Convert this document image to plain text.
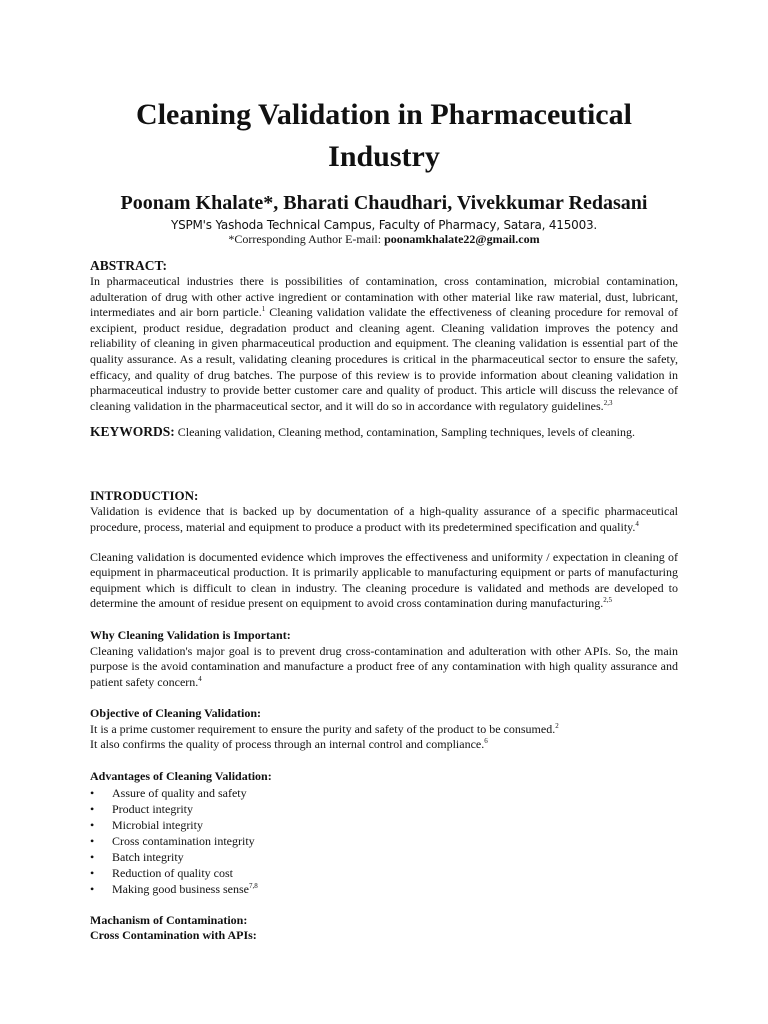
Cleaning Validation in Pharmaceutical Industry
Poonam Khalate*, Bharati Chaudhari, Vivekkumar Redasani
YSPM's Yashoda Technical Campus, Faculty of Pharmacy, Satara, 415003.
*Corresponding Author E-mail: poonamkhalate22@gmail.com
ABSTRACT:

In pharmaceutical industries there is possibilities of contamination, cross contamination, microbial contamination, adulteration of drug with other active ingredient or contamination with other material like raw material, dust, lubricant, intermediates and air born particle.$^1$ Cleaning validation validate the effectiveness of cleaning procedure for removal of excipient, product residue, degradation product and cleaning agent. Cleaning validation improves the potency and reliability of cleaning in given pharmaceutical production and equipment. The cleaning validation is essential part of the quality assurance. As a result, validating cleaning procedures is critical in the pharmaceutical sector to ensure the safety, efficacy, and quality of drug batches. The purpose of this review is to provide information about cleaning validation in pharmaceutical industry to provide better customer care and quality of product. This article will discuss the relevance of cleaning validation in the pharmaceutical sector, and it will do so in accordance with regulatory guidelines.$^{2,3}$

KEYWORDS: Cleaning validation, Cleaning method, contamination, Sampling techniques, levels of cleaning.
INTRODUCTION:

Validation is evidence that is backed up by documentation of a high-quality assurance of a specific pharmaceutical procedure, process, material and equipment to produce a product with its predetermined specification and quality.$^4$

Cleaning validation is documented evidence which improves the effectiveness and uniformity / expectation in cleaning of equipment in pharmaceutical production. It is primarily applicable to manufacturing equipment or parts of manufacturing equipment which is difficult to clean in industry. The cleaning procedure is validated and methods are developed to determine the amount of residue present on equipment to avoid cross contamination during manufacturing.$^{2,5}$

Why Cleaning Validation is Important:

Cleaning validation's major goal is to prevent drug cross-contamination and adulteration with other APIs. So, the main purpose is the avoid contamination and manufacture a product free of any contamination with high quality assurance and patient safety concern.$^4$

Objective of Cleaning Validation:

It is a prime customer requirement to ensure the purity and safety of the product to be consumed.$^2$

It also confirms the quality of process through an internal control and compliance.$^6$

Advantages of Cleaning Validation:
• Assure of quality and safety
• Product integrity
• Microbial integrity
• Cross contamination integrity
• Batch integrity
• Reduction of quality cost
• Making good business sense$^{7,8}$
Machanism of Contamination:
Cross Contamination with APIs:
